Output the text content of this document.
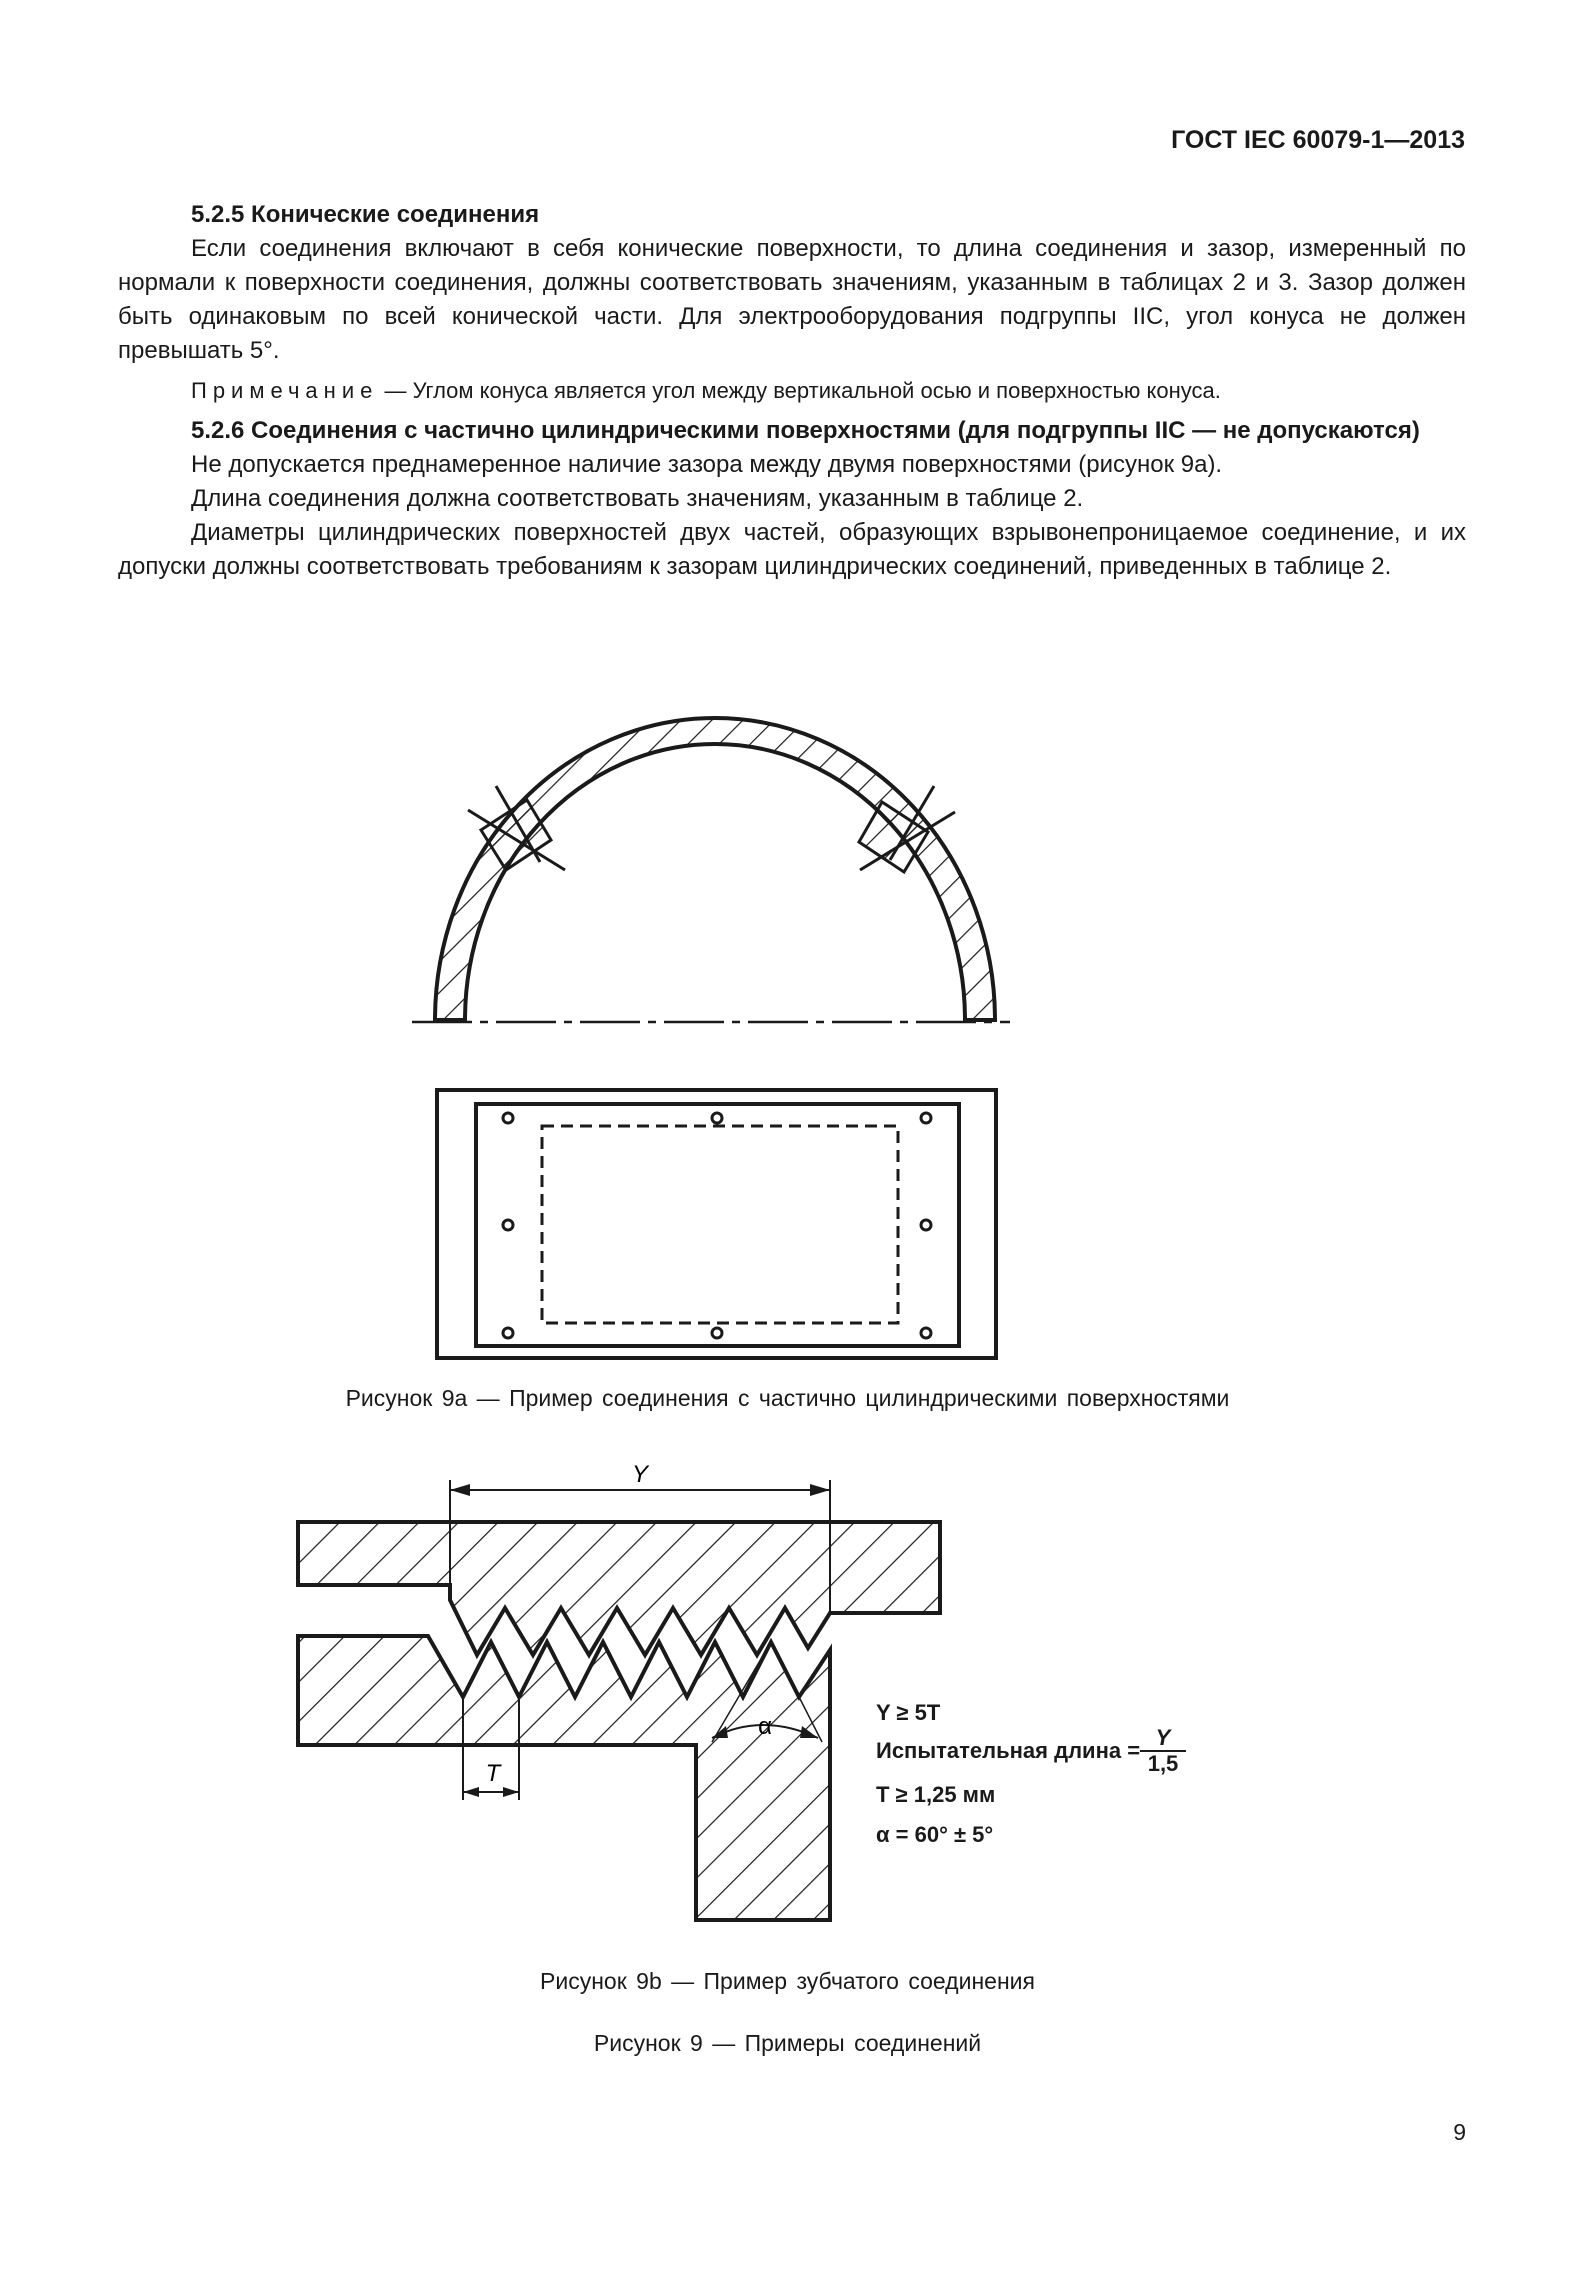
ГОСТ IEC 60079-1—2013

5.2.5 Конические соединения

Если соединения включают в себя конические поверхности, то длина соединения и зазор, измеренный по нормали к поверхности соединения, должны соответствовать значениям, указанным в таблицах 2 и 3. Зазор должен быть одинаковым по всей конической части. Для электрооборудования подгруппы IIC, угол конуса не должен превышать 5°.

Примечание — Углом конуса является угол между вертикальной осью и поверхностью конуса.

5.2.6 Соединения с частично цилиндрическими поверхностями (для подгруппы IIC — не допускаются)

Не допускается преднамеренное наличие зазора между двумя поверхностями (рисунок 9а).

Длина соединения должна соответствовать значениям, указанным в таблице 2.

Диаметры цилиндрических поверхностей двух частей, образующих взрывонепроницаемое соединение, и их допуски должны соответствовать требованиям к зазорам цилиндрических соединений, приведенных в таблице 2.

Рисунок 9а — Пример соединения с частично цилиндрическими поверхностями
Y
T
α
Y ≥ 5T
Испытательная длина =
Y
1,5
T ≥ 1,25 мм
α = 60° ± 5°
Рисунок 9b — Пример зубчатого соединения
Рисунок 9 — Примеры соединений
9
